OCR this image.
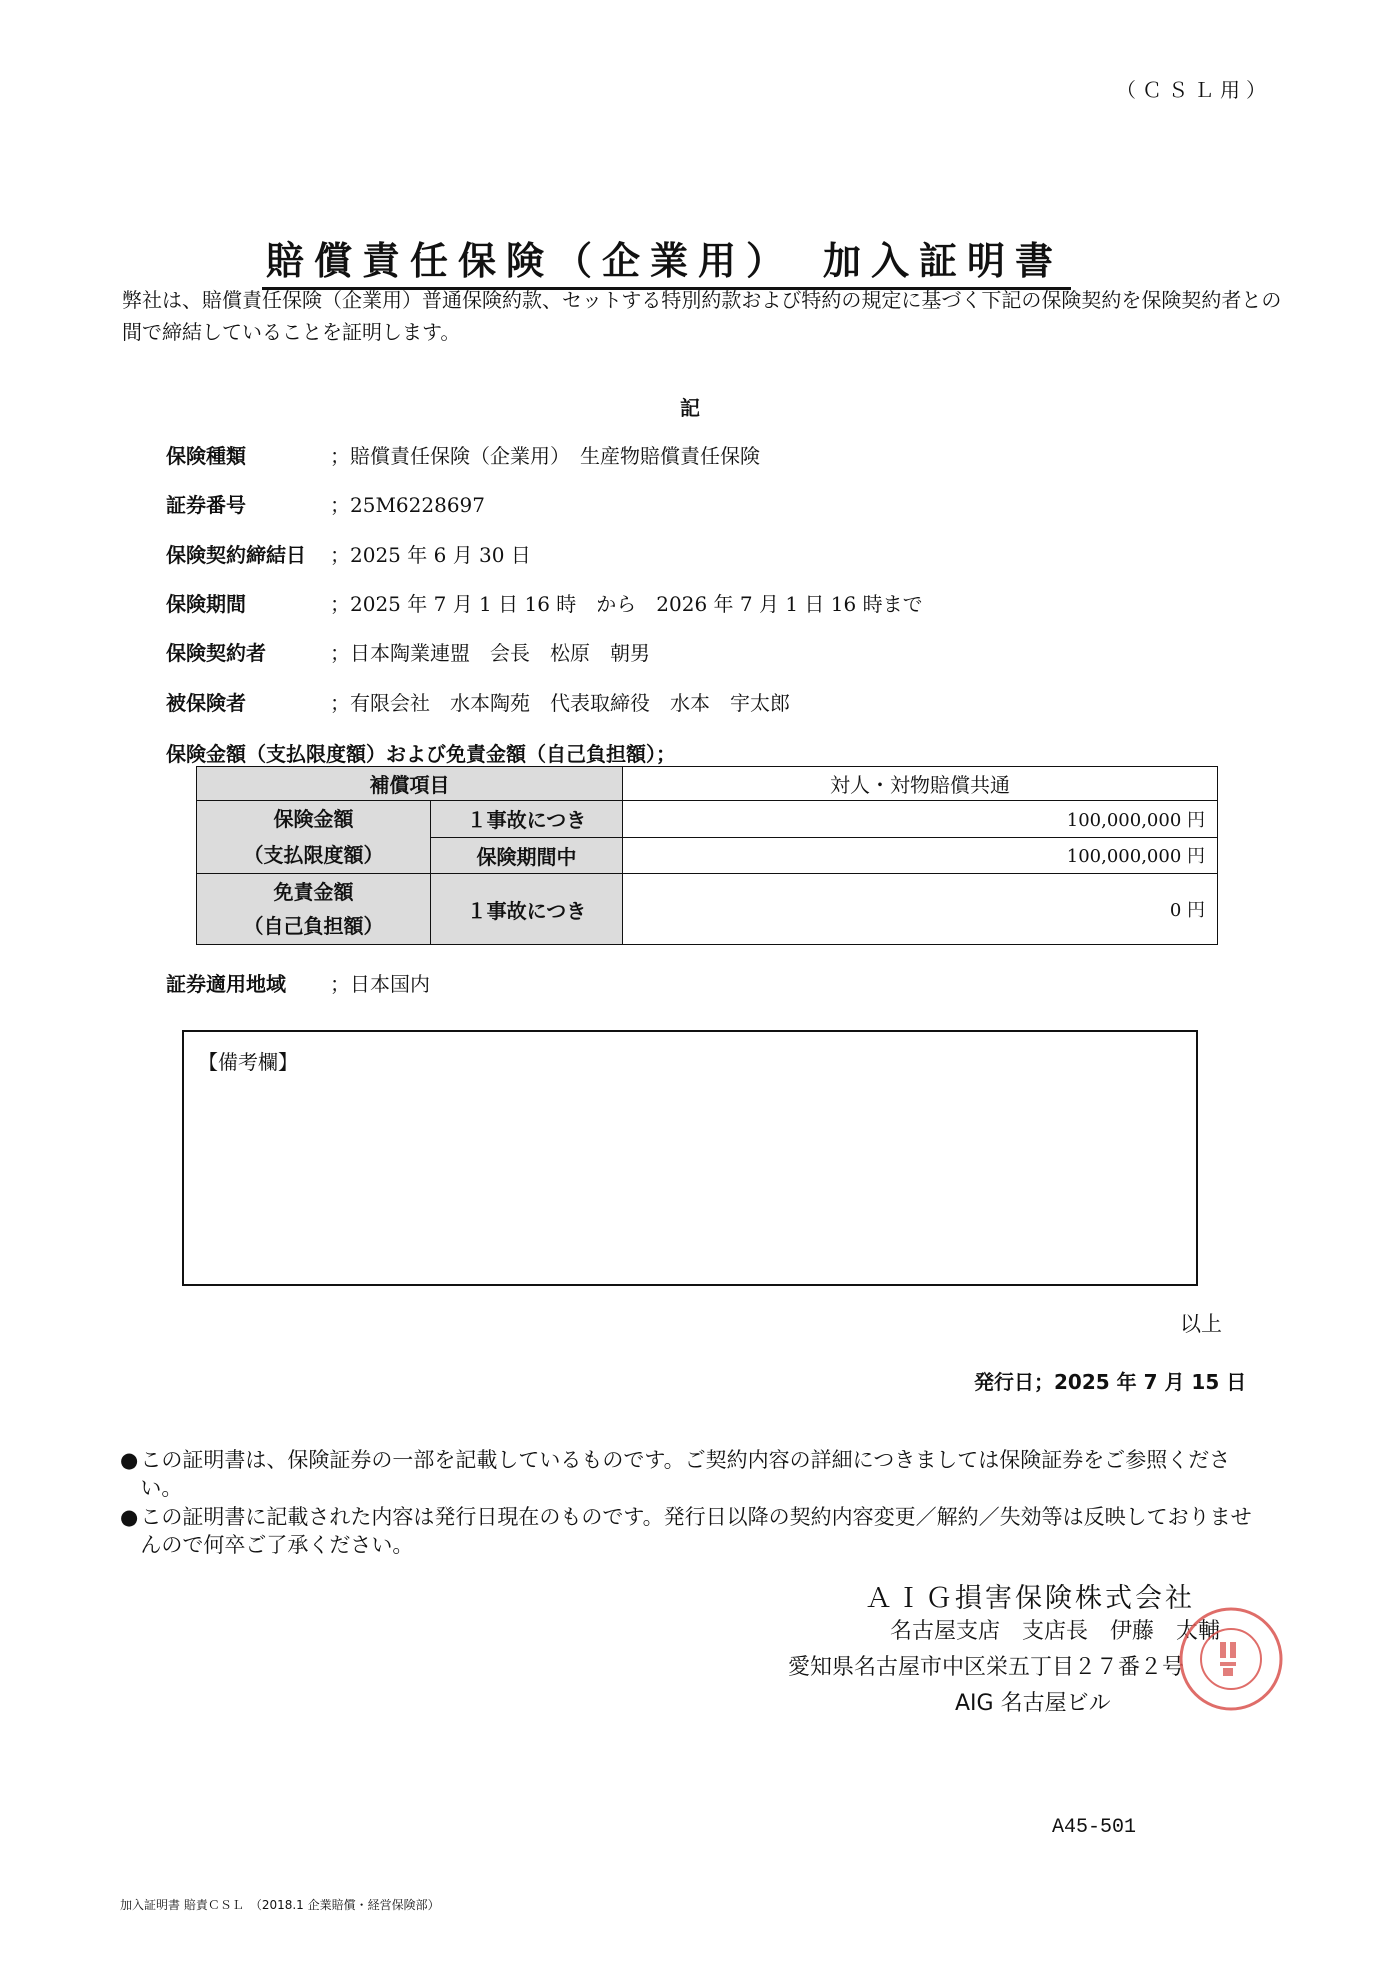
（ＣＳＬ用）
賠償責任保険（企業用）　加入証明書
弊社は、賠償責任保険（企業用）普通保険約款、セットする特別約款および特約の規定に基づく下記の保険契約を保険契約者との間で締結していることを証明します。
記
保険種類	；賠償責任保険（企業用）　生産物賠償責任保険
証券番号	；25M6228697
保険契約締結日 ；2025 年 6 月 30 日
保険期間	；2025 年 7 月 1 日 16 時　から　2026 年 7 月 1 日 16 時まで
保険契約者	；日本陶業連盟　会長　松原　朝男
被保険者	；有限会社　水本陶苑　代表取締役　水本　宇太郎
保険金額（支払限度額）および免責金額（自己負担額）；
補償項目		対人・対物賠償共通

保険金額
（支払限度額）	１事故につき	100,000,000 円
	保険期間中	100,000,000 円

免責金額
（自己負担額）	１事故につき	0 円
証券適用地域 ；日本国内
【備考欄】
以上
発行日；2025 年 7 月 15 日
● この証明書は、保険証券の一部を記載しているものです。ご契約内容の詳細につきましては保険証券をご参照ください。
● この証明書に記載された内容は発行日現在のものです。発行日以降の契約内容変更／解約／失効等は反映しておりませんので何卒ご了承ください。
ＡＩＧ損害保険株式会社
名古屋支店　支店長　伊藤　太輔
愛知県名古屋市中区栄五丁目２７番２号
AIG 名古屋ビル
A45-501
加入証明書 賠責ＣＳＬ　（2018.1 企業賠償・経営保険部）
